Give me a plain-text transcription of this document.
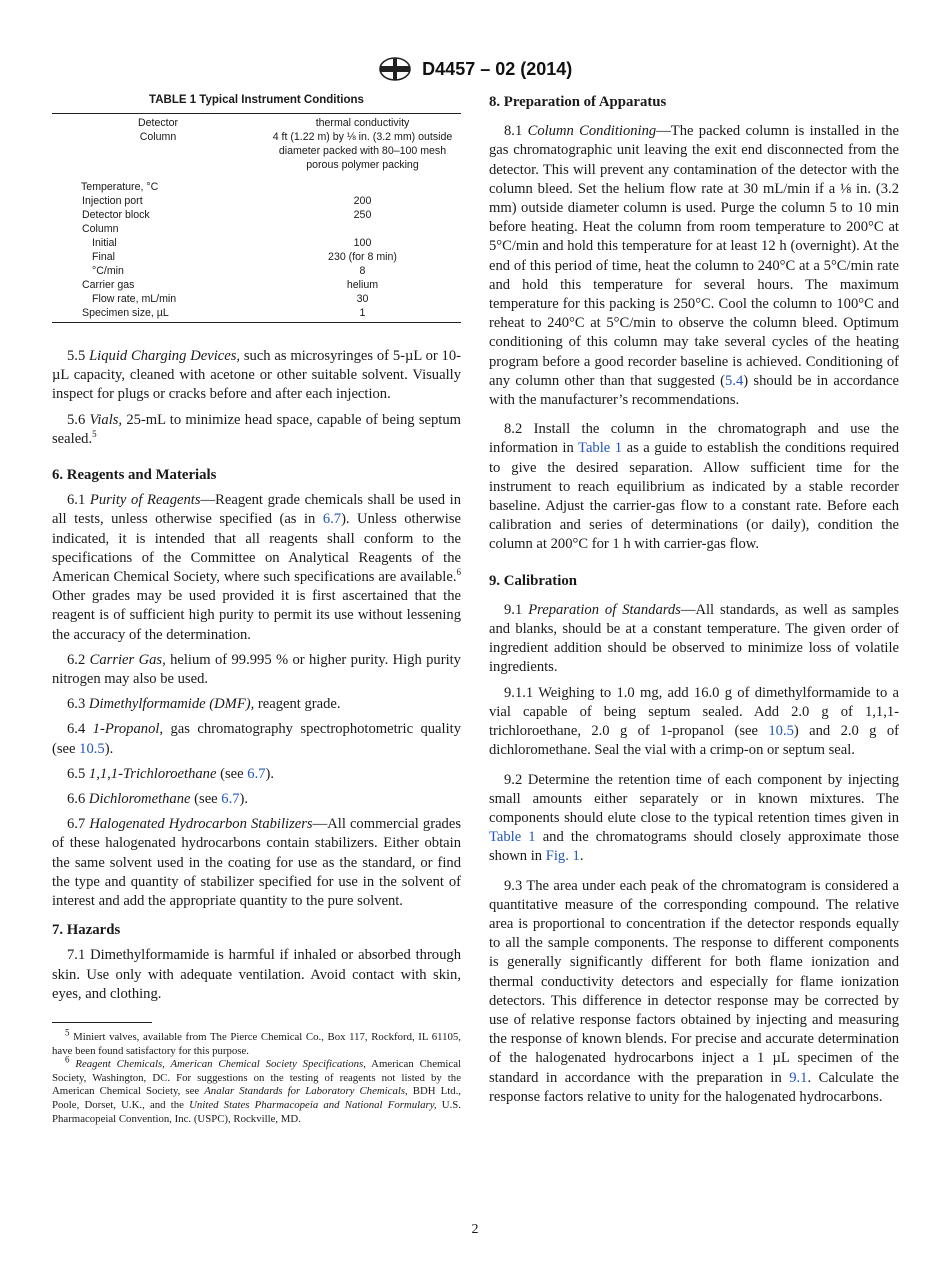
D4457 – 02 (2014)
TABLE 1 Typical Instrument Conditions
Detector	thermal conductivity
Column	4 ft (1.22 m) by ⅛ in. (3.2 mm) outside
	diameter packed with 80–100 mesh
	porous polymer packing

Temperature, °C	
Injection port	200
Detector block	250
Column	
Initial	100
Final	230 (for 8 min)
°C/min	8
Carrier gas	helium
Flow rate, mL/min	30
Specimen size, µL	1

5.5 Liquid Charging Devices, such as microsyringes of 5-µL or 10-µL capacity, cleaned with acetone or other suitable solvent. Visually inspect for plugs or cracks before and after each injection.

5.6 Vials, 25-mL to minimize head space, capable of being septum sealed.$^5$

6. Reagents and Materials

6.1 Purity of Reagents—Reagent grade chemicals shall be used in all tests, unless otherwise specified (as in 6.7). Unless otherwise indicated, it is intended that all reagents shall conform to the specifications of the Committee on Analytical Reagents of the American Chemical Society, where such specifications are available.$^6$ Other grades may be used provided it is first ascertained that the reagent is of sufficient high purity to permit its use without lessening the accuracy of the determination.

6.2 Carrier Gas, helium of 99.995 % or higher purity. High purity nitrogen may also be used.

6.3 Dimethylformamide (DMF), reagent grade.

6.4 1-Propanol, gas chromatography spectrophotometric quality (see 10.5).

6.5 1,1,1-Trichloroethane (see 6.7).

6.6 Dichloromethane (see 6.7).

6.7 Halogenated Hydrocarbon Stabilizers—All commercial grades of these halogenated hydrocarbons contain stabilizers. Either obtain the same solvent used in the coating for use as the standard, or find the type and quantity of stabilizer specified for use in the solvent of interest and add the appropriate quantity to the pure solvent.

7. Hazards

7.1 Dimethylformamide is harmful if inhaled or absorbed through skin. Use only with adequate ventilation. Avoid contact with skin, eyes, and clothing.

$^5$ Miniert valves, available from The Pierce Chemical Co., Box 117, Rockford, IL 61105, have been found satisfactory for this purpose.

$^6$ Reagent Chemicals, American Chemical Society Specifications, American Chemical Society, Washington, DC. For suggestions on the testing of reagents not listed by the American Chemical Society, see Analar Standards for Laboratory Chemicals, BDH Ltd., Poole, Dorset, U.K., and the United States Pharmacopeia and National Formulary, U.S. Pharmacopeial Convention, Inc. (USPC), Rockville, MD.

8. Preparation of Apparatus

8.1 Column Conditioning—The packed column is installed in the gas chromatographic unit leaving the exit end disconnected from the detector. This will prevent any contamination of the detector with the column bleed. Set the helium flow rate at 30 mL/min if a ⅛ in. (3.2 mm) outside diameter column is used. Purge the column 5 to 10 min before heating. Heat the column from room temperature to 200°C at 5°C/min and hold this temperature for at least 12 h (overnight). At the end of this period of time, heat the column to 240°C at a 5°C/min rate and hold this temperature for several hours. The maximum temperature for this packing is 250°C. Cool the column to 100°C and reheat to 240°C at 5°C/min to observe the column bleed. Optimum conditioning of this column may take several cycles of the heating program before a good recorder baseline is achieved. Conditioning of any column other than that suggested (5.4) should be in accordance with the manufacturer’s recommendations.

8.2 Install the column in the chromatograph and use the information in Table 1 as a guide to establish the conditions required to give the desired separation. Allow sufficient time for the instrument to reach equilibrium as indicated by a stable recorder baseline. Adjust the carrier-gas flow to a constant rate. Before each calibration and series of determinations (or daily), condition the column at 200°C for 1 h with carrier-gas flow.

9. Calibration

9.1 Preparation of Standards—All standards, as well as samples and blanks, should be at a constant temperature. The given order of ingredient addition should be observed to minimize loss of volatile ingredients.

9.1.1 Weighing to 1.0 mg, add 16.0 g of dimethylformamide to a vial capable of being septum sealed. Add 2.0 g of 1,1,1-trichloroethane, 2.0 g of 1-propanol (see 10.5) and 2.0 g of dichloromethane. Seal the vial with a crimp-on or septum seal.

9.2 Determine the retention time of each component by injecting small amounts either separately or in known mixtures. The components should elute close to the typical retention times given in Table 1 and the chromatograms should closely approximate those shown in Fig. 1.

9.3 The area under each peak of the chromatogram is considered a quantitative measure of the corresponding compound. The relative area is proportional to concentration if the detector responds equally to all the sample components. The response to different components is generally significantly different for both flame ionization and thermal conductivity detectors and especially for flame ionization detectors. This difference in detector response may be corrected by use of relative response factors obtained by injecting and measuring the response of known blends. For precise and accurate determination of the halogenated hydrocarbons inject a 1 µL specimen of the standard in accordance with the preparation in 9.1. Calculate the response factors relative to unity for the halogenated hydrocarbons.

2
